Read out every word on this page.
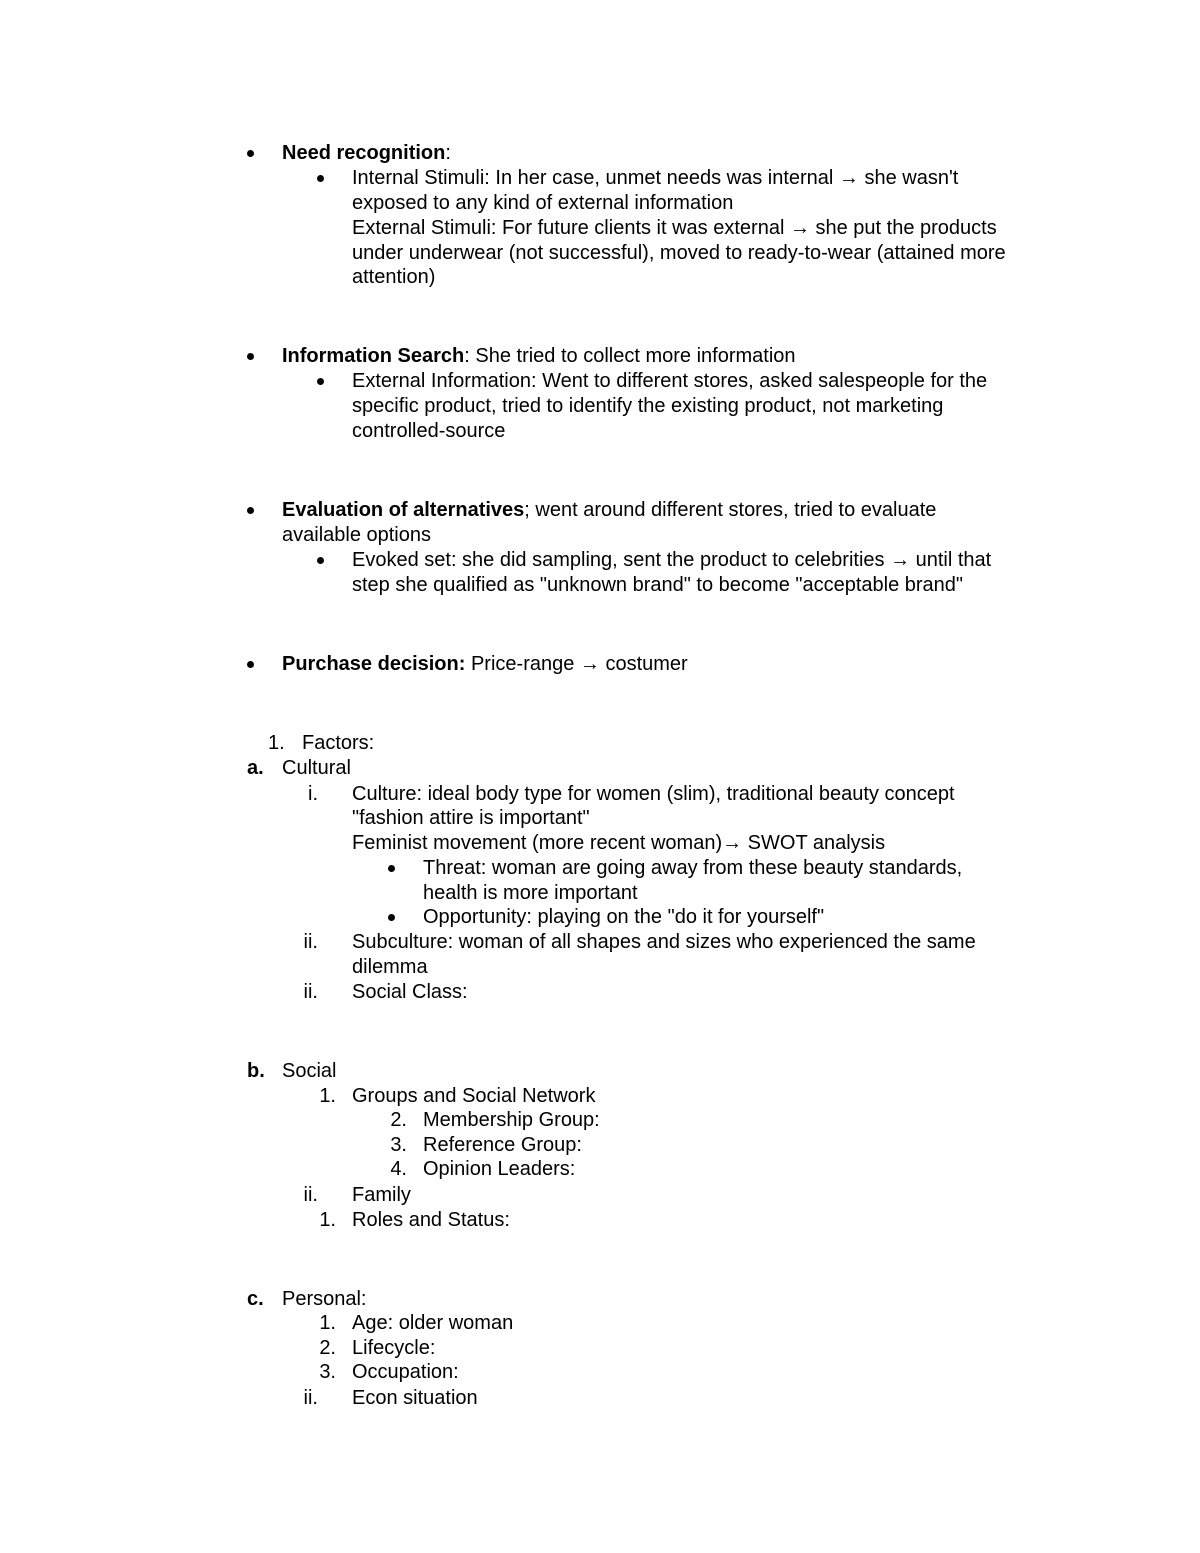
Need recognition:
Internal Stimuli: In her case, unmet needs was internal → she wasn't
exposed to any kind of external information
External Stimuli: For future clients it was external → she put the products
under underwear (not successful), moved to ready-to-wear (attained more
attention)
Information Search: She tried to collect more information
External Information: Went to different stores, asked salespeople for the
specific product, tried to identify the existing product, not marketing
controlled-source
Evaluation of alternatives; went around different stores, tried to evaluate
available options
Evoked set: she did sampling, sent the product to celebrities → until that
step she qualified as "unknown brand" to become "acceptable brand"
Purchase decision: Price-range → costumer
1. Factors:
a. Cultural
i. Culture: ideal body type for women (slim), traditional beauty concept
"fashion attire is important"
Feminist movement (more recent woman)→ SWOT analysis
Threat: woman are going away from these beauty standards,
health is more important
Opportunity: playing on the "do it for yourself"
ii. Subculture: woman of all shapes and sizes who experienced the same
dilemma
ii. Social Class:
b. Social
1. Groups and Social Network
2. Membership Group:
3. Reference Group:
4. Opinion Leaders:
ii. Family
1. Roles and Status:
c. Personal:
1. Age: older woman
2. Lifecycle:
3. Occupation:
ii. Econ situation
